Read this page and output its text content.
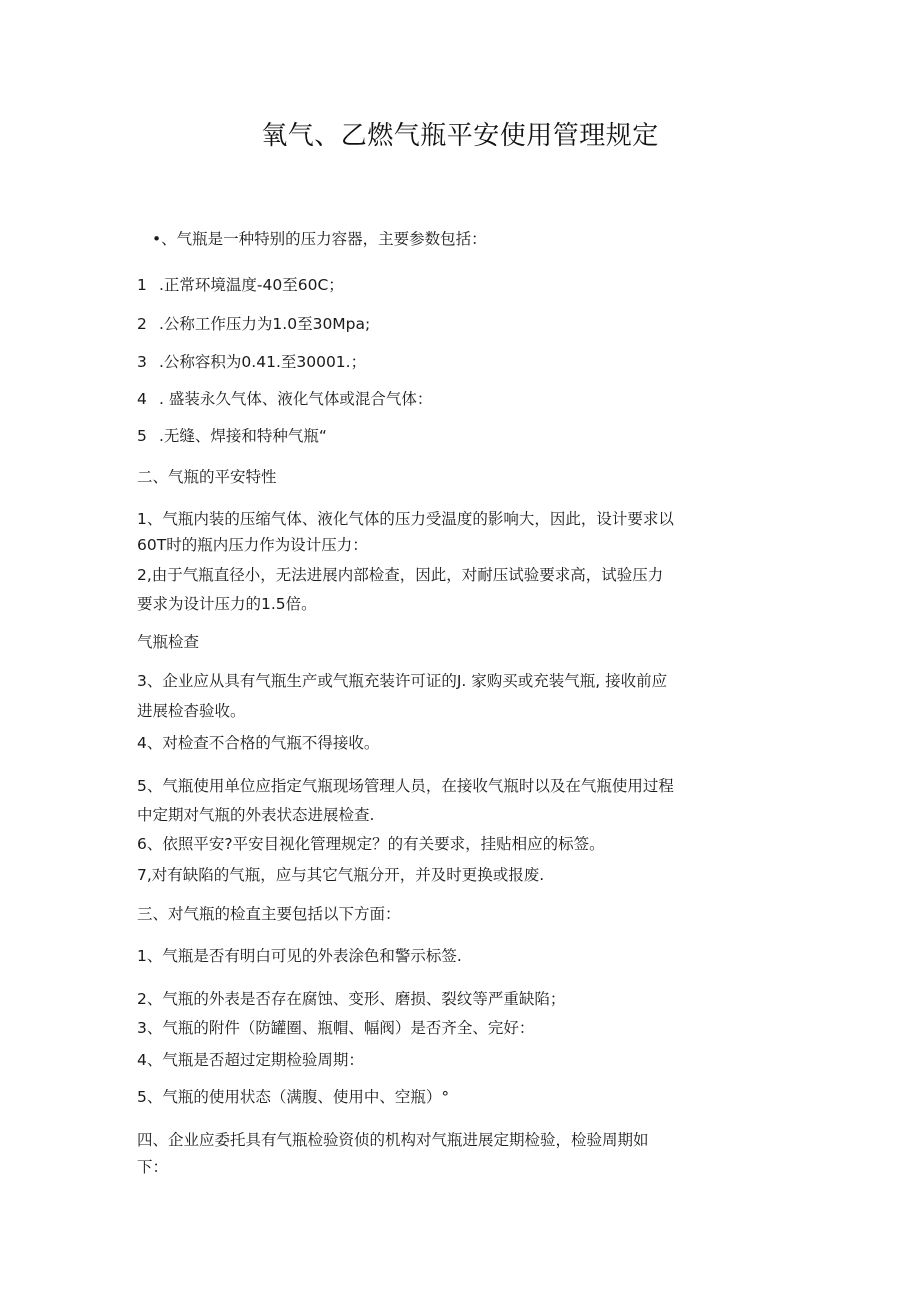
氧气、乙燃气瓶平安使用管理规定
•、气瓶是一种特别的压力容器，主要参数包括：
1 .正常环境温度-40至60C；
2 .公称工作压力为1.0至30Mpa;
3 .公称容积为0.41.至30001.；
4 . 盛装永久气体、液化气体或混合气体：
5 .无缝、焊接和特种气瓶“
二、气瓶的平安特性
1、气瓶内装的压缩气体、液化气体的压力受温度的影响大，因此，设计要求以
60T时的瓶内压力作为设计压力：
2,由于气瓶直径小，无法进展内部检查，因此，对耐压试验要求高，试验压力
要求为设计压力的1.5倍。
气瓶检查
3、企业应从具有气瓶生产或气瓶充装许可证的J. 家购买或充装气瓶, 接收前应
进展检杳验收。
4、对检查不合格的气瓶不得接收。
5、气瓶使用单位应指定气瓶现场管理人员，在接收气瓶时以及在气瓶使用过程
中定期对气瓶的外表状态进展检查.
6、依照平安?平安目视化管理规定？的有关要求，挂贴相应的标签。
7,对有缺陷的气瓶，应与其它气瓶分开，并及时更换或报废.
三、对气瓶的检直主要包括以下方面：
1、气瓶是否有明白可见的外表涂色和警示标签.
2、气瓶的外表是否存在腐蚀、变形、磨损、裂纹等严重缺陷；
3、气瓶的附件（防罐圈、瓶帽、幅阀）是否齐全、完好：
4、气瓶是否超过定期检验周期：
5、气瓶的使用状态（满腹、使用中、空瓶）°
四、企业应委托具有气瓶检验资侦的机构对气瓶进展定期检验，检验周期如
下：
